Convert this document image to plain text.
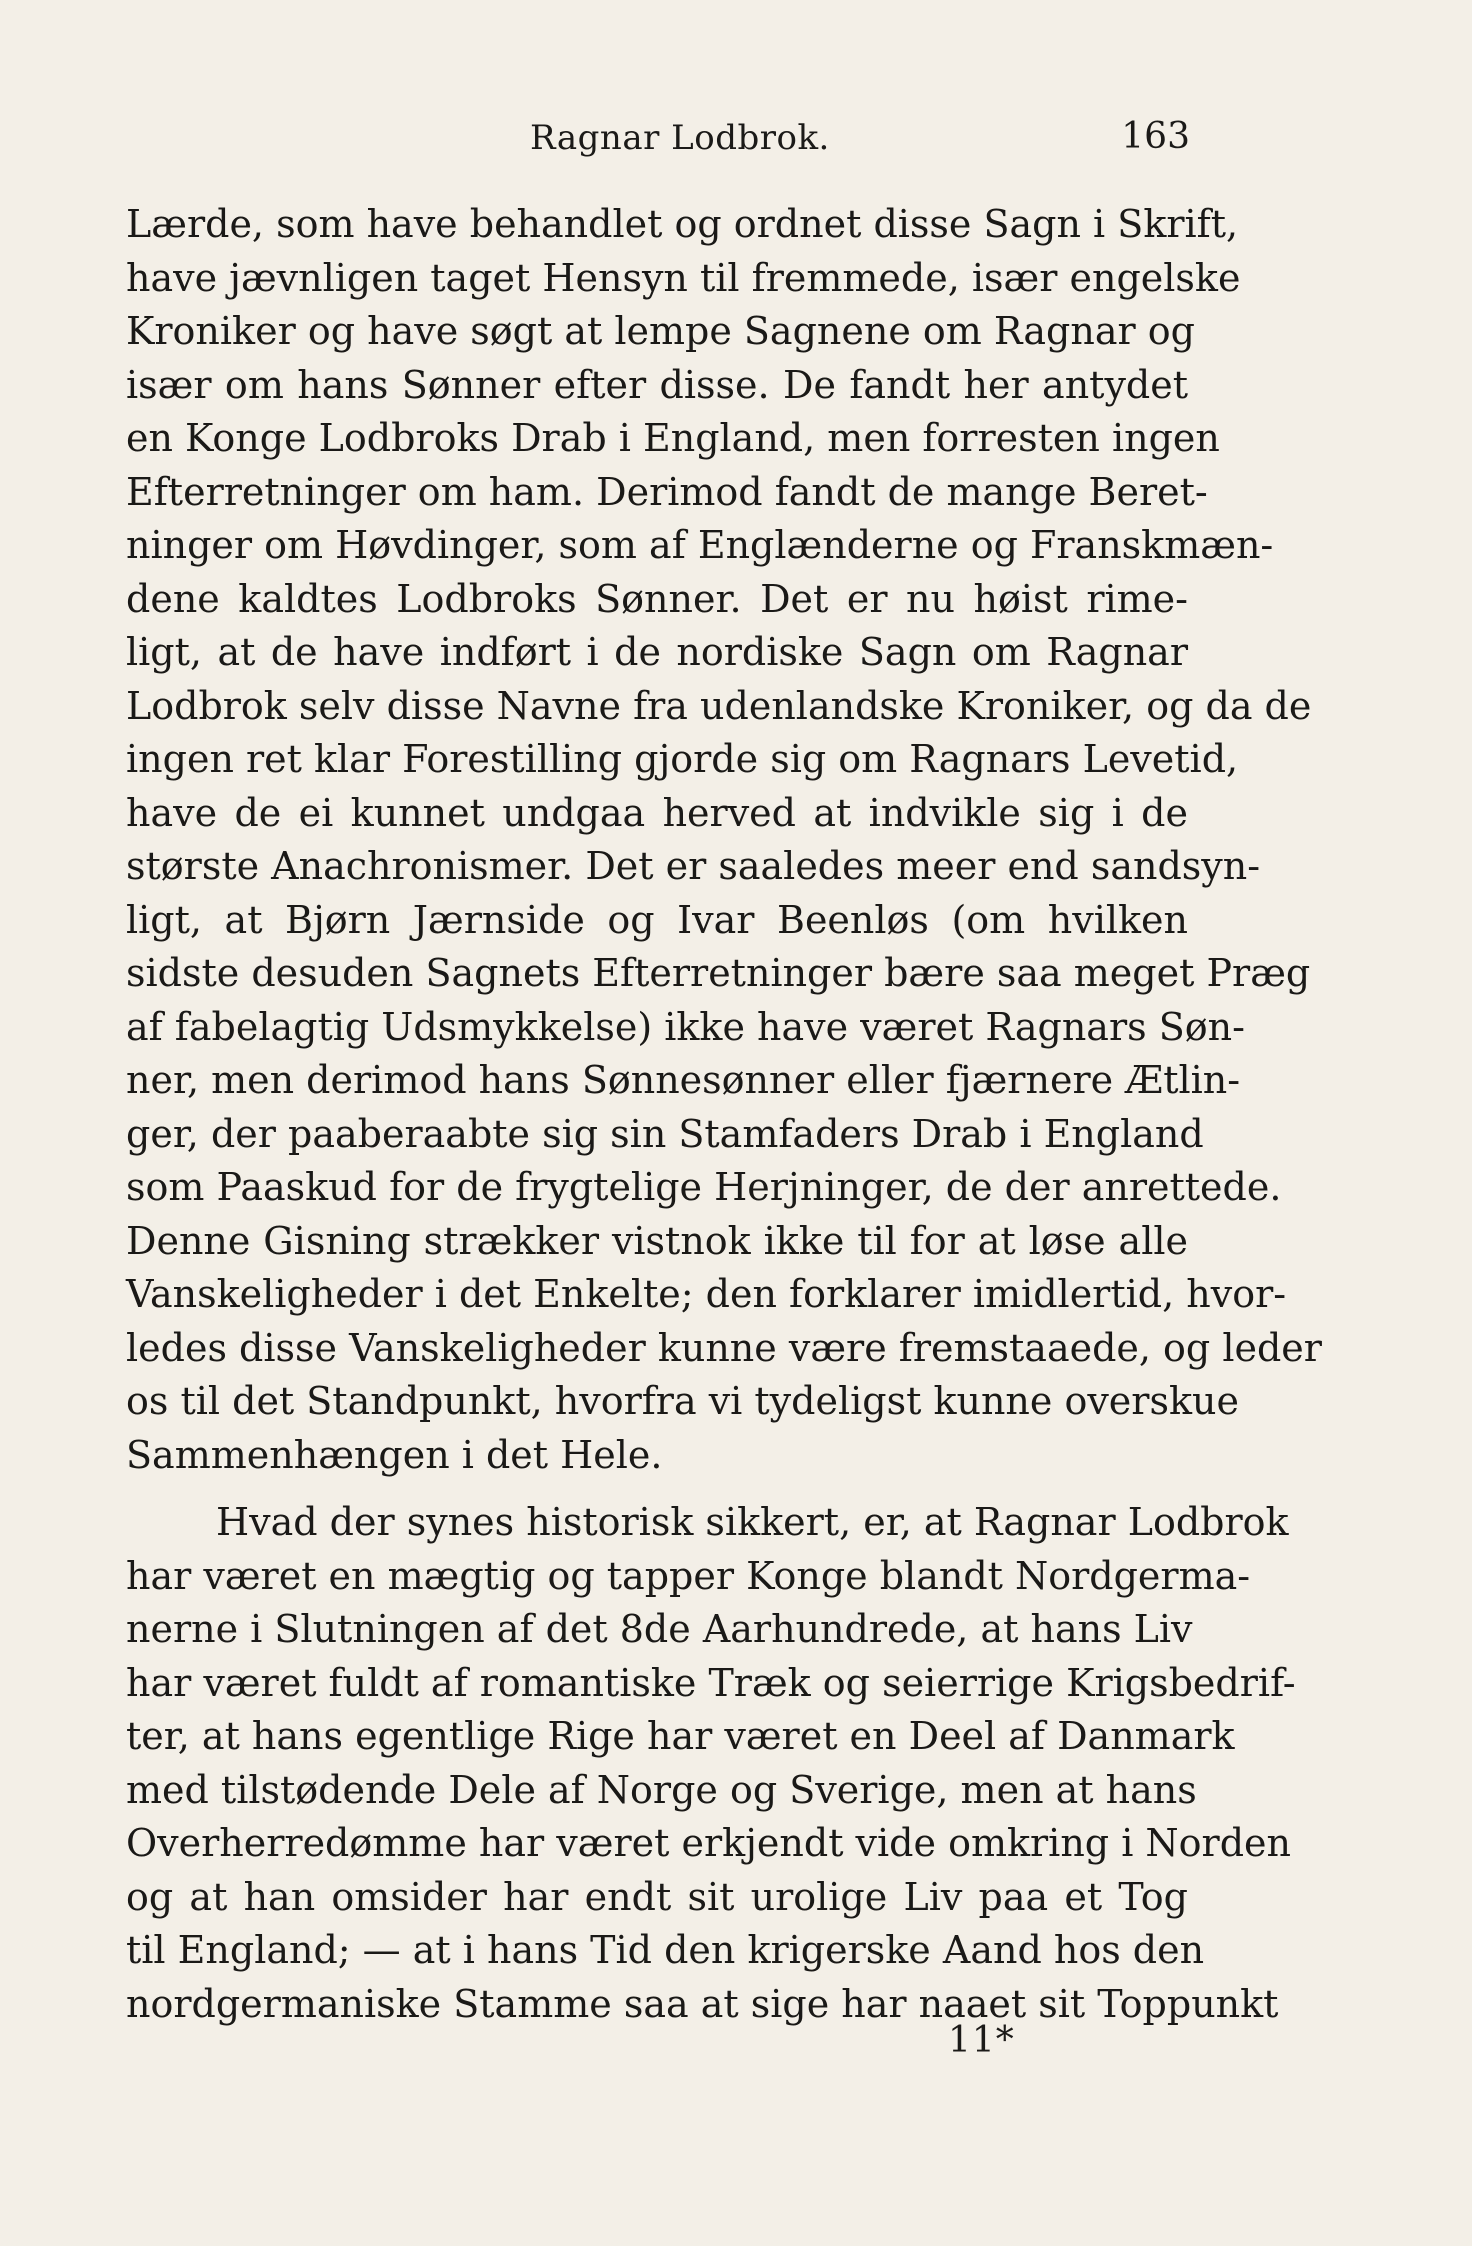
Ragnar Lodbrok.	163
Lærde, som have behandlet og ordnet disse Sagn i Skrift,
have jævnligen taget Hensyn til fremmede, især engelske
Kroniker og have søgt at lempe Sagnene om Ragnar og
især om hans Sønner efter disse. De fandt her antydet
en Konge Lodbroks Drab i England, men forresten ingen
Efterretninger om ham. Derimod fandt de mange Beret-
ninger om Høvdinger, som af Englænderne og Franskmæn-
dene kaldtes Lodbroks Sønner. Det er nu høist rime-
ligt, at de have indført i de nordiske Sagn om Ragnar
Lodbrok selv disse Navne fra udenlandske Kroniker, og da de
ingen ret klar Forestilling gjorde sig om Ragnars Levetid,
have de ei kunnet undgaa herved at indvikle sig i de
største Anachronismer. Det er saaledes meer end sandsyn-
ligt, at Bjørn Jærnside og Ivar Beenløs (om hvilken
sidste desuden Sagnets Efterretninger bære saa meget Præg
af fabelagtig Udsmykkelse) ikke have været Ragnars Søn-
ner, men derimod hans Sønnesønner eller fjærnere Ætlin-
ger, der paaberaabte sig sin Stamfaders Drab i England
som Paaskud for de frygtelige Herjninger, de der anrettede.
Denne Gisning strækker vistnok ikke til for at løse alle
Vanskeligheder i det Enkelte; den forklarer imidlertid, hvor-
ledes disse Vanskeligheder kunne være fremstaaede, og leder
os til det Standpunkt, hvorfra vi tydeligst kunne overskue
Sammenhængen i det Hele.
Hvad der synes historisk sikkert, er, at Ragnar Lodbrok
har været en mægtig og tapper Konge blandt Nordgerma-
nerne i Slutningen af det 8de Aarhundrede, at hans Liv
har været fuldt af romantiske Træk og seierrige Krigsbedrif-
ter, at hans egentlige Rige har været en Deel af Danmark
med tilstødende Dele af Norge og Sverige, men at hans
Overherredømme har været erkjendt vide omkring i Norden
og at han omsider har endt sit urolige Liv paa et Tog
til England; — at i hans Tid den krigerske Aand hos den
nordgermaniske Stamme saa at sige har naaet sit Toppunkt
11*
